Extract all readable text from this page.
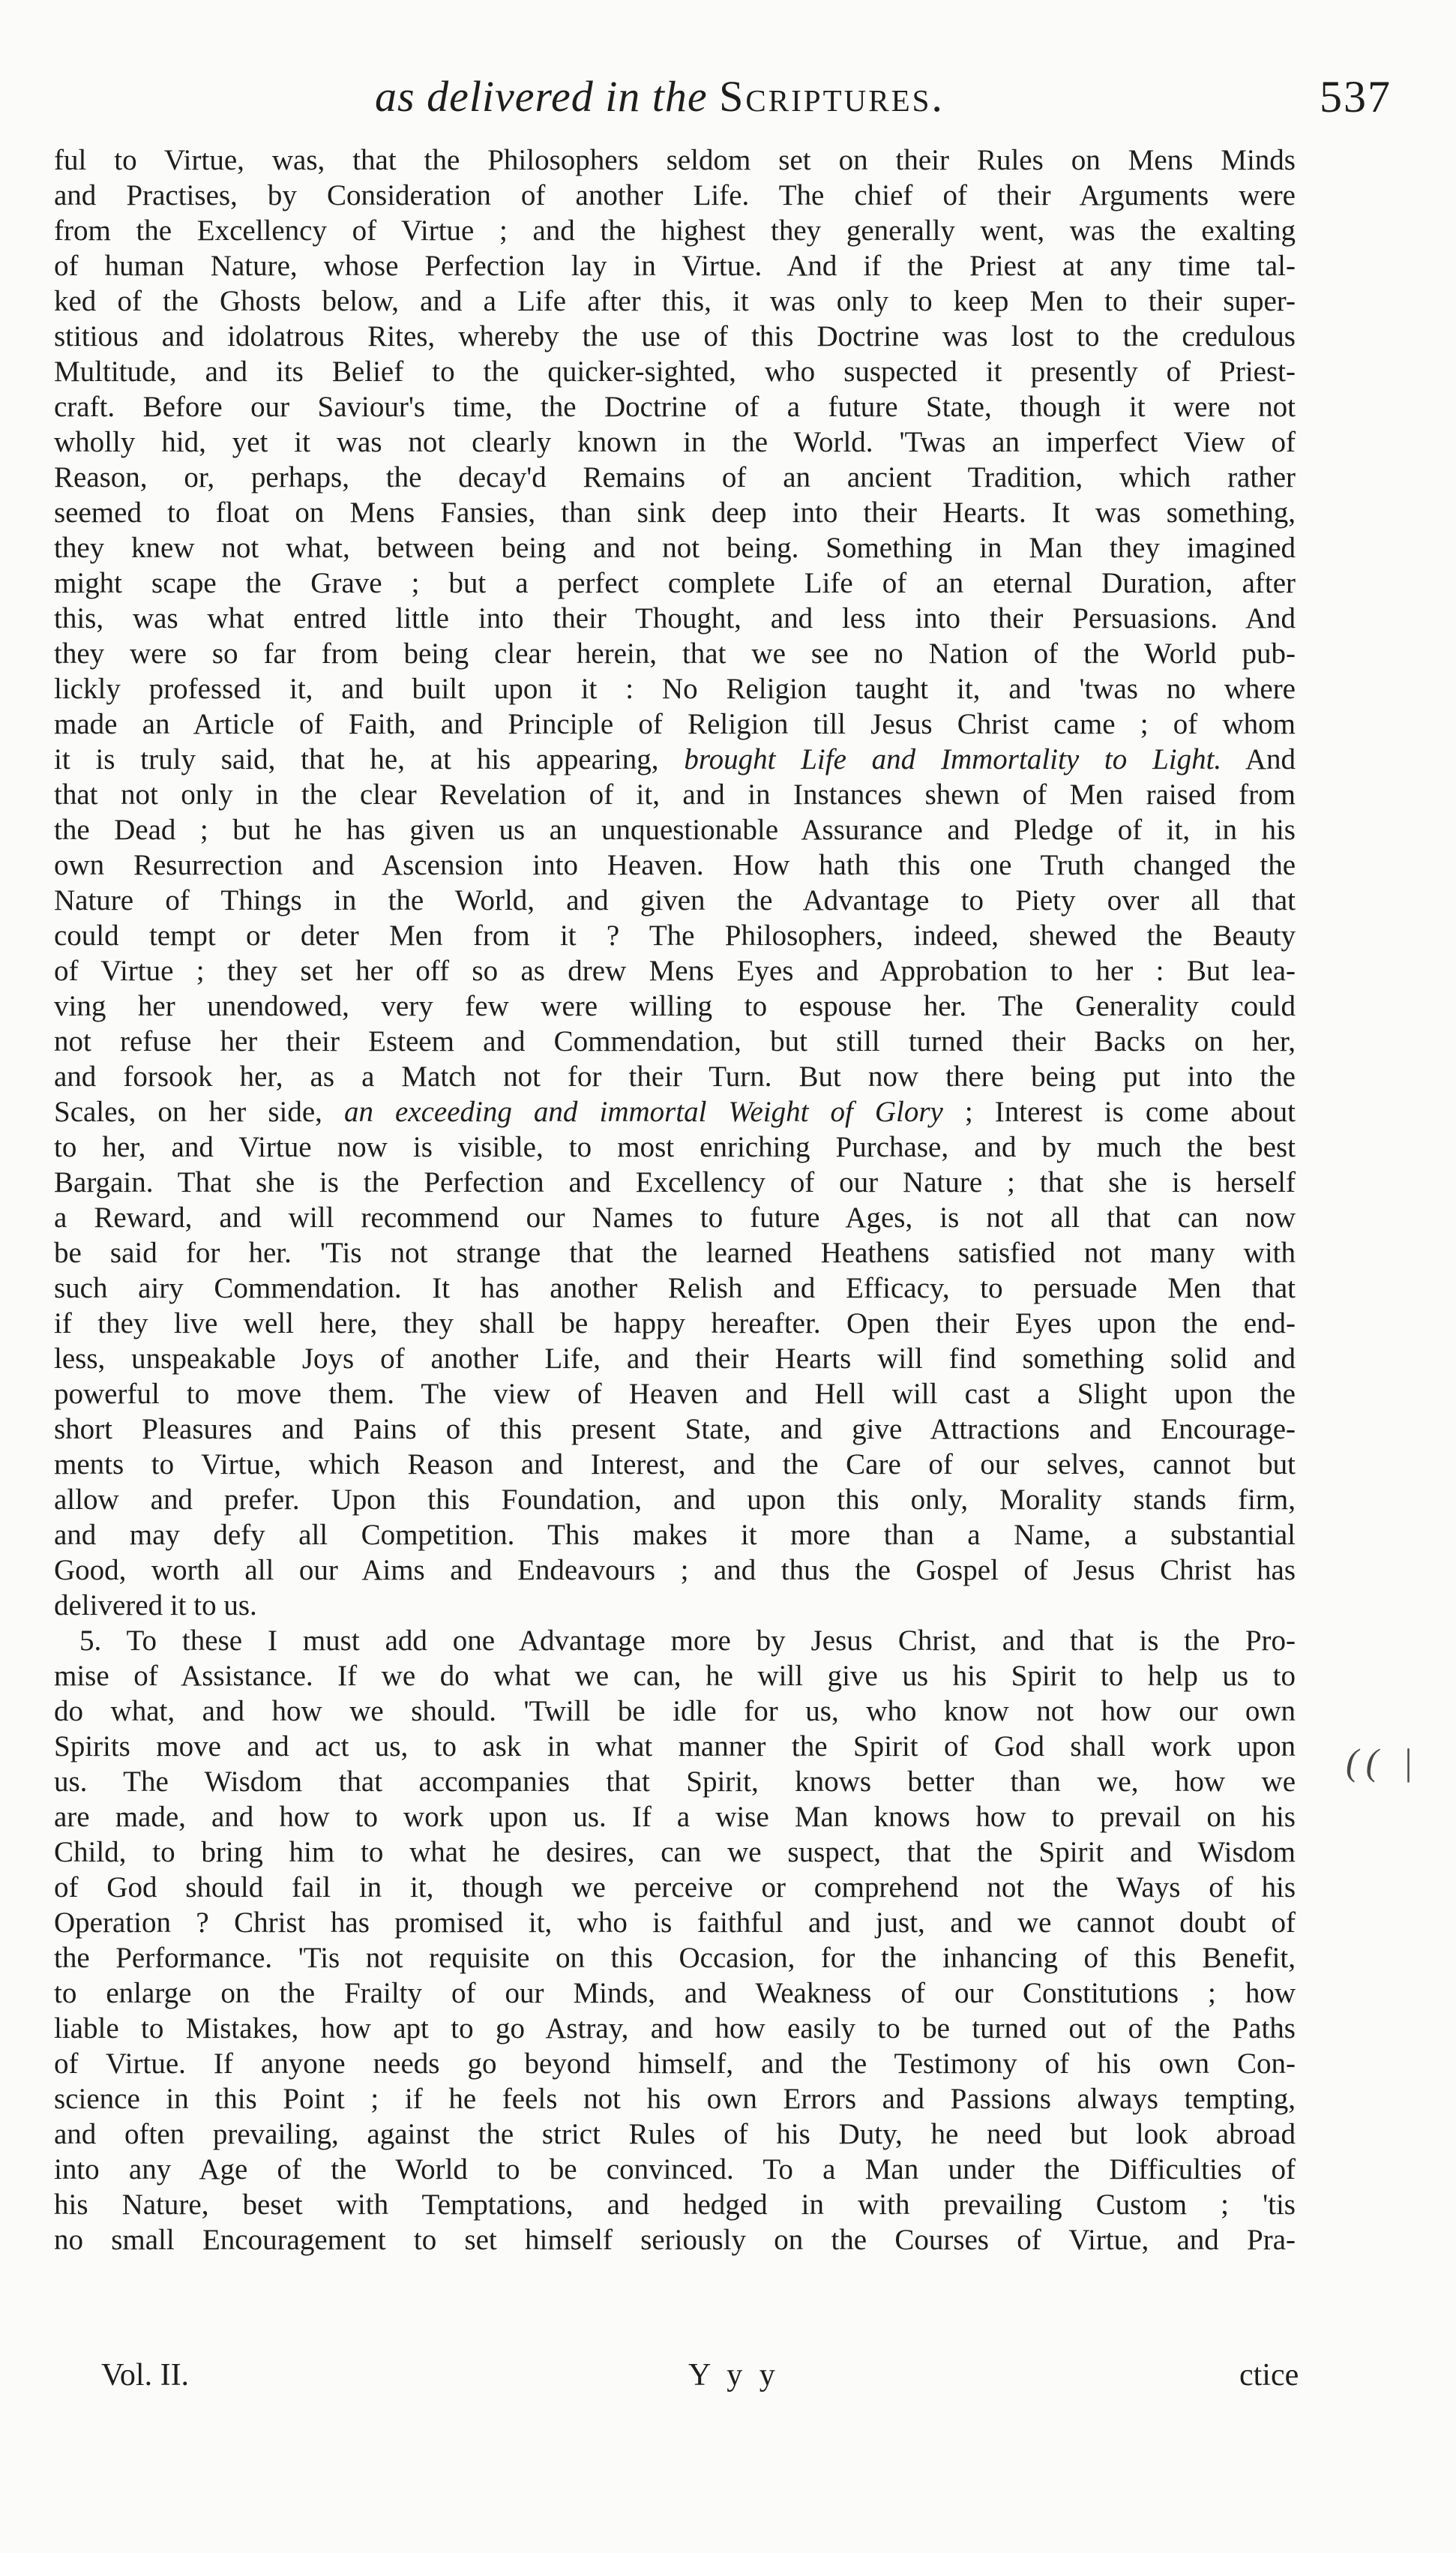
as delivered in the Scriptures.	537
ful to Virtue, was, that the Philosophers seldom set on their Rules on Mens Minds
and Practises, by Consideration of another Life. The chief of their Arguments were
from the Excellency of Virtue ; and the highest they generally went, was the exalting
of human Nature, whose Perfection lay in Virtue. And if the Priest at any time tal-
ked of the Ghosts below, and a Life after this, it was only to keep Men to their super-
stitious and idolatrous Rites, whereby the use of this Doctrine was lost to the credulous
Multitude, and its Belief to the quicker-sighted, who suspected it presently of Priest-
craft. Before our Saviour's time, the Doctrine of a future State, though it were not
wholly hid, yet it was not clearly known in the World. 'Twas an imperfect View of
Reason, or, perhaps, the decay'd Remains of an ancient Tradition, which rather
seemed to float on Mens Fansies, than sink deep into their Hearts. It was something,
they knew not what, between being and not being. Something in Man they imagined
might scape the Grave ; but a perfect complete Life of an eternal Duration, after
this, was what entred little into their Thought, and less into their Persuasions. And
they were so far from being clear herein, that we see no Nation of the World pub-
lickly professed it, and built upon it : No Religion taught it, and 'twas no where
made an Article of Faith, and Principle of Religion till Jesus Christ came ; of whom
it is truly said, that he, at his appearing, brought Life and Immortality to Light. And
that not only in the clear Revelation of it, and in Instances shewn of Men raised from
the Dead ; but he has given us an unquestionable Assurance and Pledge of it, in his
own Resurrection and Ascension into Heaven. How hath this one Truth changed the
Nature of Things in the World, and given the Advantage to Piety over all that
could tempt or deter Men from it ? The Philosophers, indeed, shewed the Beauty
of Virtue ; they set her off so as drew Mens Eyes and Approbation to her : But lea-
ving her unendowed, very few were willing to espouse her. The Generality could
not refuse her their Esteem and Commendation, but still turned their Backs on her,
and forsook her, as a Match not for their Turn. But now there being put into the
Scales, on her side, an exceeding and immortal Weight of Glory ; Interest is come about
to her, and Virtue now is visible, to most enriching Purchase, and by much the best
Bargain. That she is the Perfection and Excellency of our Nature ; that she is herself
a Reward, and will recommend our Names to future Ages, is not all that can now
be said for her. 'Tis not strange that the learned Heathens satisfied not many with
such airy Commendation. It has another Relish and Efficacy, to persuade Men that
if they live well here, they shall be happy hereafter. Open their Eyes upon the end-
less, unspeakable Joys of another Life, and their Hearts will find something solid and
powerful to move them. The view of Heaven and Hell will cast a Slight upon the
short Pleasures and Pains of this present State, and give Attractions and Encourage-
ments to Virtue, which Reason and Interest, and the Care of our selves, cannot but
allow and prefer. Upon this Foundation, and upon this only, Morality stands firm,
and may defy all Competition. This makes it more than a Name, a substantial
Good, worth all our Aims and Endeavours ; and thus the Gospel of Jesus Christ has
delivered it to us.
5. To these I must add one Advantage more by Jesus Christ, and that is the Pro-
mise of Assistance. If we do what we can, he will give us his Spirit to help us to
do what, and how we should. 'Twill be idle for us, who know not how our own
Spirits move and act us, to ask in what manner the Spirit of God shall work upon
us. The Wisdom that accompanies that Spirit, knows better than we, how we
are made, and how to work upon us. If a wise Man knows how to prevail on his
Child, to bring him to what he desires, can we suspect, that the Spirit and Wisdom
of God should fail in it, though we perceive or comprehend not the Ways of his
Operation ? Christ has promised it, who is faithful and just, and we cannot doubt of
the Performance. 'Tis not requisite on this Occasion, for the inhancing of this Benefit,
to enlarge on the Frailty of our Minds, and Weakness of our Constitutions ; how
liable to Mistakes, how apt to go Astray, and how easily to be turned out of the Paths
of Virtue. If anyone needs go beyond himself, and the Testimony of his own Con-
science in this Point ; if he feels not his own Errors and Passions always tempting,
and often prevailing, against the strict Rules of his Duty, he need but look abroad
into any Age of the World to be convinced. To a Man under the Difficulties of
his Nature, beset with Temptations, and hedged in with prevailing Custom ; 'tis
no small Encouragement to set himself seriously on the Courses of Virtue, and Pra-
(( |
Vol. II.	Y y y	ctice
